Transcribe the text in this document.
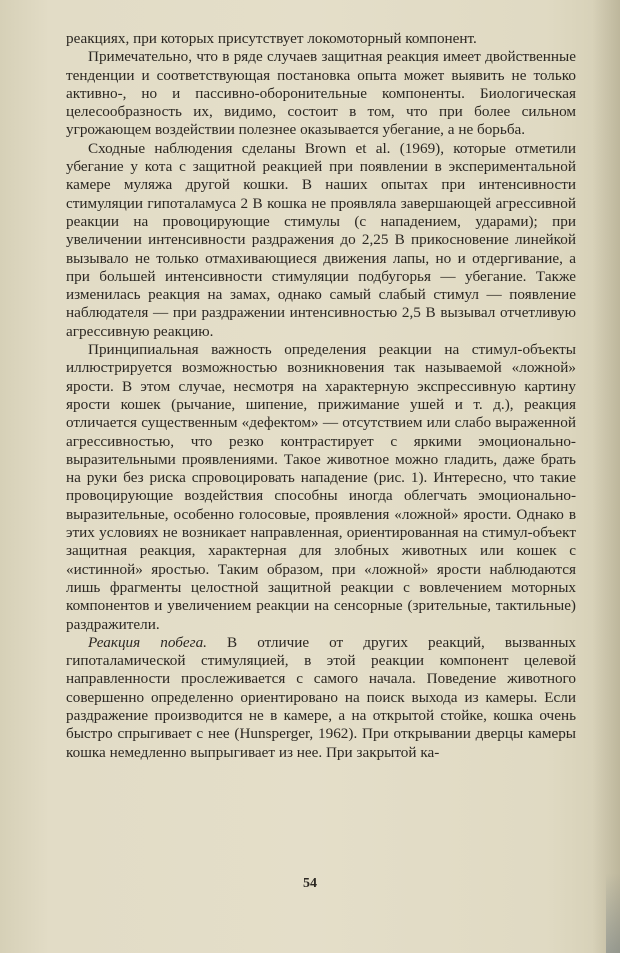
реакциях, при которых присутствует локомоторный компонент.

Примечательно, что в ряде случаев защитная реакция имеет двойственные тенденции и соответствующая постановка опыта может выявить не только активно-, но и пассивно-оборонительные компоненты. Биологическая целесообразность их, видимо, состоит в том, что при более сильном угрожающем воздействии полезнее оказывается убегание, а не борьба.

Сходные наблюдения сделаны Brown et al. (1969), которые отметили убегание у кота с защитной реакцией при появлении в экспериментальной камере муляжа другой кошки. В наших опытах при интенсивности стимуляции гипоталамуса 2 В кошка не проявляла завершающей агрессивной реакции на провоцирующие стимулы (с нападением, ударами); при увеличении интенсивности раздражения до 2,25 В прикосновение линейкой вызывало не только отмахивающиеся движения лапы, но и отдергивание, а при большей интенсивности стимуляции подбугорья — убегание. Также изменилась реакция на замах, однако самый слабый стимул — появление наблюдателя — при раздражении интенсивностью 2,5 В вызывал отчетливую агрессивную реакцию.

Принципиальная важность определения реакции на стимул-объекты иллюстрируется возможностью возникновения так называемой «ложной» ярости. В этом случае, несмотря на характерную экспрессивную картину ярости кошек (рычание, шипение, прижимание ушей и т. д.), реакция отличается существенным «дефектом» — отсутствием или слабо выраженной агрессивностью, что резко контрастирует с яркими эмоционально-выразительными проявлениями. Такое животное можно гладить, даже брать на руки без риска спровоцировать нападение (рис. 1). Интересно, что такие провоцирующие воздействия способны иногда облегчать эмоционально-выразительные, особенно голосовые, проявления «ложной» ярости. Однако в этих условиях не возникает направленная, ориентированная на стимул-объект защитная реакция, характерная для злобных животных или кошек с «истинной» яростью. Таким образом, при «ложной» ярости наблюдаются лишь фрагменты целостной защитной реакции с вовлечением моторных компонентов и увеличением реакции на сенсорные (зрительные, тактильные) раздражители.

Реакция побега. В отличие от других реакций, вызванных гипоталамической стимуляцией, в этой реакции компонент целевой направленности прослеживается с самого начала. Поведение животного совершенно определенно ориентировано на поиск выхода из камеры. Если раздражение производится не в камере, а на открытой стойке, кошка очень быстро спрыгивает с нее (Hunsperger, 1962). При открывании дверцы камеры кошка немедленно выпрыгивает из нее. При закрытой ка-

54
